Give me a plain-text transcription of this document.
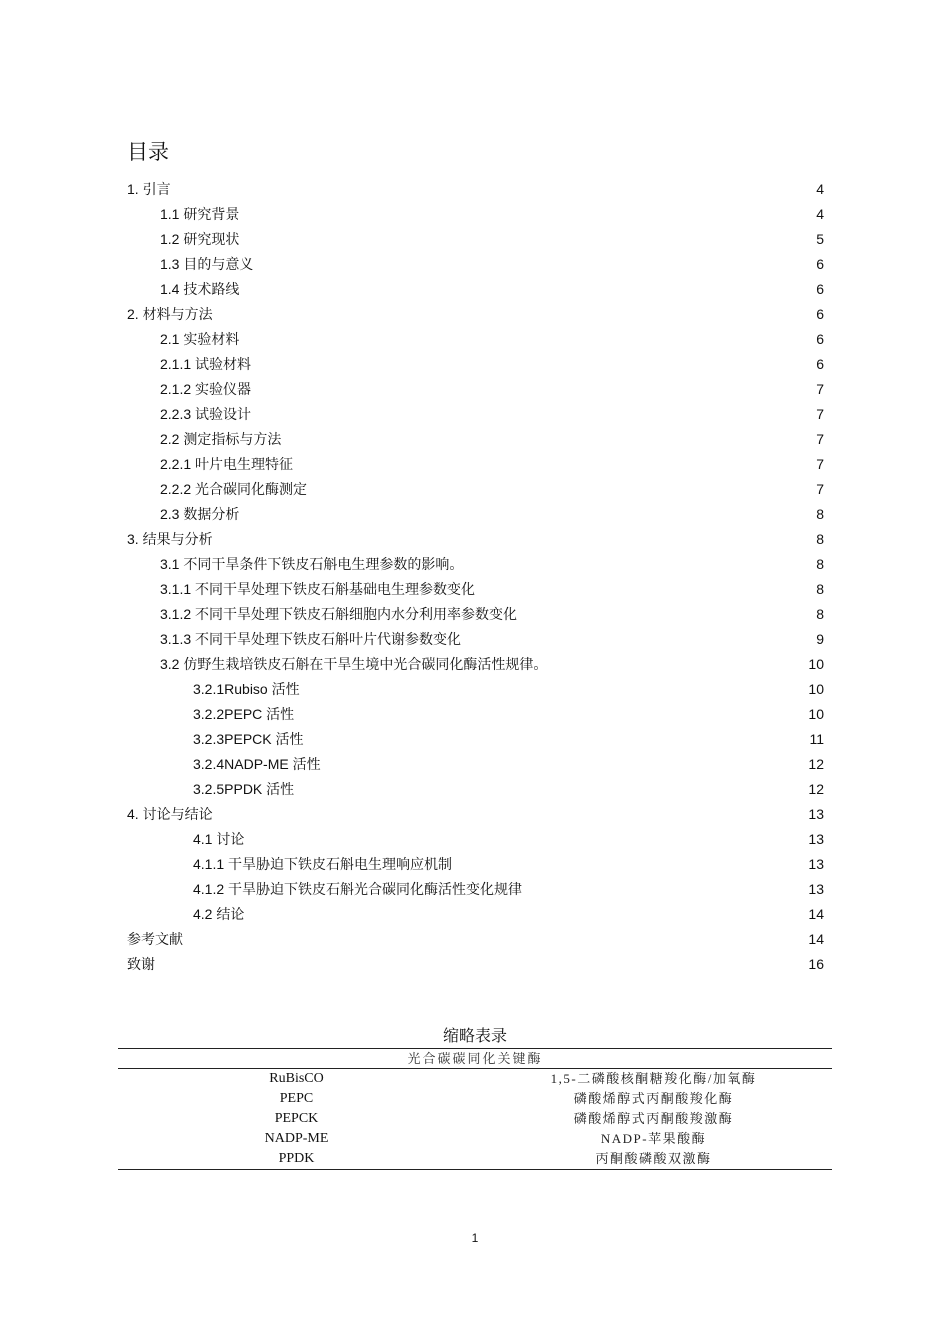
目录
1. 引言	4
1.1 研究背景	4
1.2 研究现状	5
1.3 目的与意义	6
1.4 技术路线	6
2. 材料与方法	6
2.1 实验材料	6
2.1.1 试验材料	6
2.1.2 实验仪器	7
2.2.3 试验设计	7
2.2 测定指标与方法	7
2.2.1 叶片电生理特征	7
2.2.2 光合碳同化酶测定	7
2.3 数据分析	8
3. 结果与分析	8
3.1 不同干旱条件下铁皮石斛电生理参数的影响。	8
3.1.1 不同干旱处理下铁皮石斛基础电生理参数变化	8
3.1.2 不同干旱处理下铁皮石斛细胞内水分利用率参数变化	8
3.1.3 不同干旱处理下铁皮石斛叶片代谢参数变化	9
3.2 仿野生栽培铁皮石斛在干旱生境中光合碳同化酶活性规律。	10
3.2.1Rubiso 活性	10
3.2.2PEPC 活性	10
3.2.3PEPCK 活性	11
3.2.4NADP-ME 活性	12
3.2.5PPDK 活性	12
4. 讨论与结论	13
4.1 讨论	13
4.1.1 干旱胁迫下铁皮石斛电生理响应机制	13
4.1.2 干旱胁迫下铁皮石斛光合碳同化酶活性变化规律	13
4.2 结论	14
参考文献	14
致谢	16
缩略表录
光合碳碳同化关键酶	
RuBisCO	1,5-二磷酸核酮糖羧化酶/加氧酶
PEPC	磷酸烯醇式丙酮酸羧化酶
PEPCK	磷酸烯醇式丙酮酸羧激酶
NADP-ME	NADP-苹果酸酶
PPDK	丙酮酸磷酸双激酶
1
